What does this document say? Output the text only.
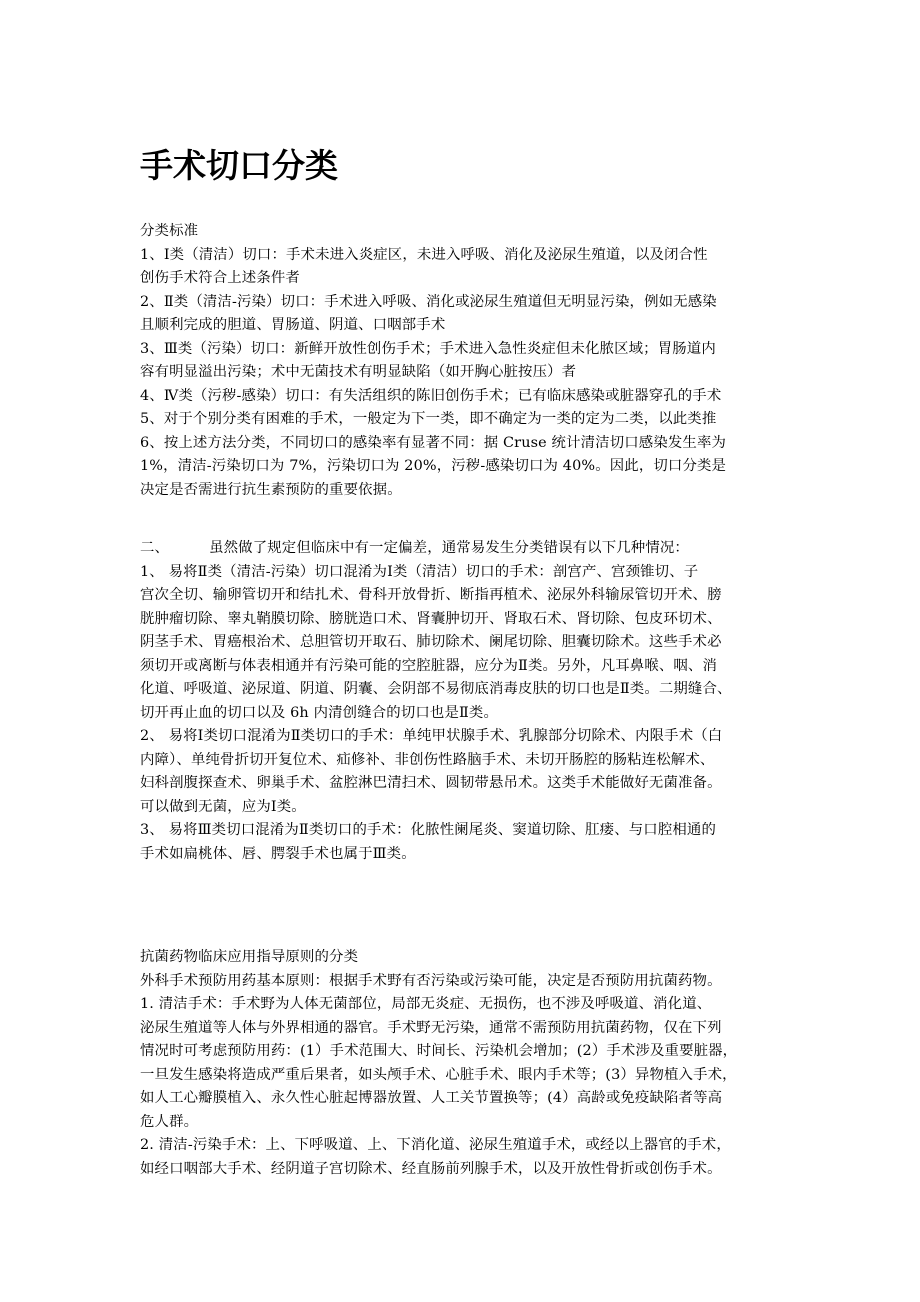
手术切口分类
分类标准
1、Ⅰ类（清洁）切口：手术未进入炎症区，未进入呼吸、消化及泌尿生殖道，以及闭合性
创伤手术符合上述条件者
2、Ⅱ类（清洁-污染）切口：手术进入呼吸、消化或泌尿生殖道但无明显污染，例如无感染
且顺利完成的胆道、胃肠道、阴道、口咽部手术
3、Ⅲ类（污染）切口：新鲜开放性创伤手术；手术进入急性炎症但未化脓区域；胃肠道内
容有明显溢出污染；术中无菌技术有明显缺陷（如开胸心脏按压）者
4、Ⅳ类（污秽-感染）切口：有失活组织的陈旧创伤手术；已有临床感染或脏器穿孔的手术
5、对于个别分类有困难的手术，一般定为下一类，即不确定为一类的定为二类，以此类推
6、按上述方法分类，不同切口的感染率有显著不同：据 Cruse 统计清洁切口感染发生率为
1%，清洁-污染切口为 7%，污染切口为 20%，污秽-感染切口为 40%。因此，切口分类是
决定是否需进行抗生素预防的重要依据。
二、	虽然做了规定但临床中有一定偏差，通常易发生分类错误有以下几种情况：
1、 易将Ⅱ类（清洁-污染）切口混淆为Ⅰ类（清洁）切口的手术：剖宫产、宫颈锥切、子
宫次全切、输卵管切开和结扎术、骨科开放骨折、断指再植术、泌尿外科输尿管切开术、膀
胱肿瘤切除、睾丸鞘膜切除、膀胱造口术、肾囊肿切开、肾取石术、肾切除、包皮环切术、
阴茎手术、胃癌根治术、总胆管切开取石、肺切除术、阑尾切除、胆囊切除术。这些手术必
须切开或离断与体表相通并有污染可能的空腔脏器，应分为Ⅱ类。另外，凡耳鼻喉、咽、消
化道、呼吸道、泌尿道、阴道、阴囊、会阴部不易彻底消毒皮肤的切口也是Ⅱ类。二期缝合、
切开再止血的切口以及 6h 内清创缝合的切口也是Ⅱ类。
2、 易将Ⅰ类切口混淆为Ⅱ类切口的手术：单纯甲状腺手术、乳腺部分切除术、内限手术（白
内障）、单纯骨折切开复位术、疝修补、非创伤性路脑手术、未切开肠腔的肠粘连松解术、
妇科剖腹探查术、卵巢手术、盆腔淋巴清扫术、圆韧带悬吊术。这类手术能做好无菌准备。
可以做到无菌，应为Ⅰ类。
3、 易将Ⅲ类切口混淆为Ⅱ类切口的手术：化脓性阑尾炎、窦道切除、肛瘘、与口腔相通的
手术如扁桃体、唇、腭裂手术也属于Ⅲ类。
抗菌药物临床应用指导原则的分类
外科手术预防用药基本原则：根据手术野有否污染或污染可能，决定是否预防用抗菌药物。
1. 清洁手术：手术野为人体无菌部位，局部无炎症、无损伤，也不涉及呼吸道、消化道、
泌尿生殖道等人体与外界相通的器官。手术野无污染，通常不需预防用抗菌药物，仅在下列
情况时可考虑预防用药：(1）手术范围大、时间长、污染机会增加；(2）手术涉及重要脏器，
一旦发生感染将造成严重后果者，如头颅手术、心脏手术、眼内手术等；(3）异物植入手术，
如人工心瓣膜植入、永久性心脏起博器放置、人工关节置换等；(4）高龄或免疫缺陷者等高
危人群。
2. 清洁-污染手术：上、下呼吸道、上、下消化道、泌尿生殖道手术，或经以上器官的手术，
如经口咽部大手术、经阴道子宫切除术、经直肠前列腺手术，以及开放性骨折或创伤手术。
